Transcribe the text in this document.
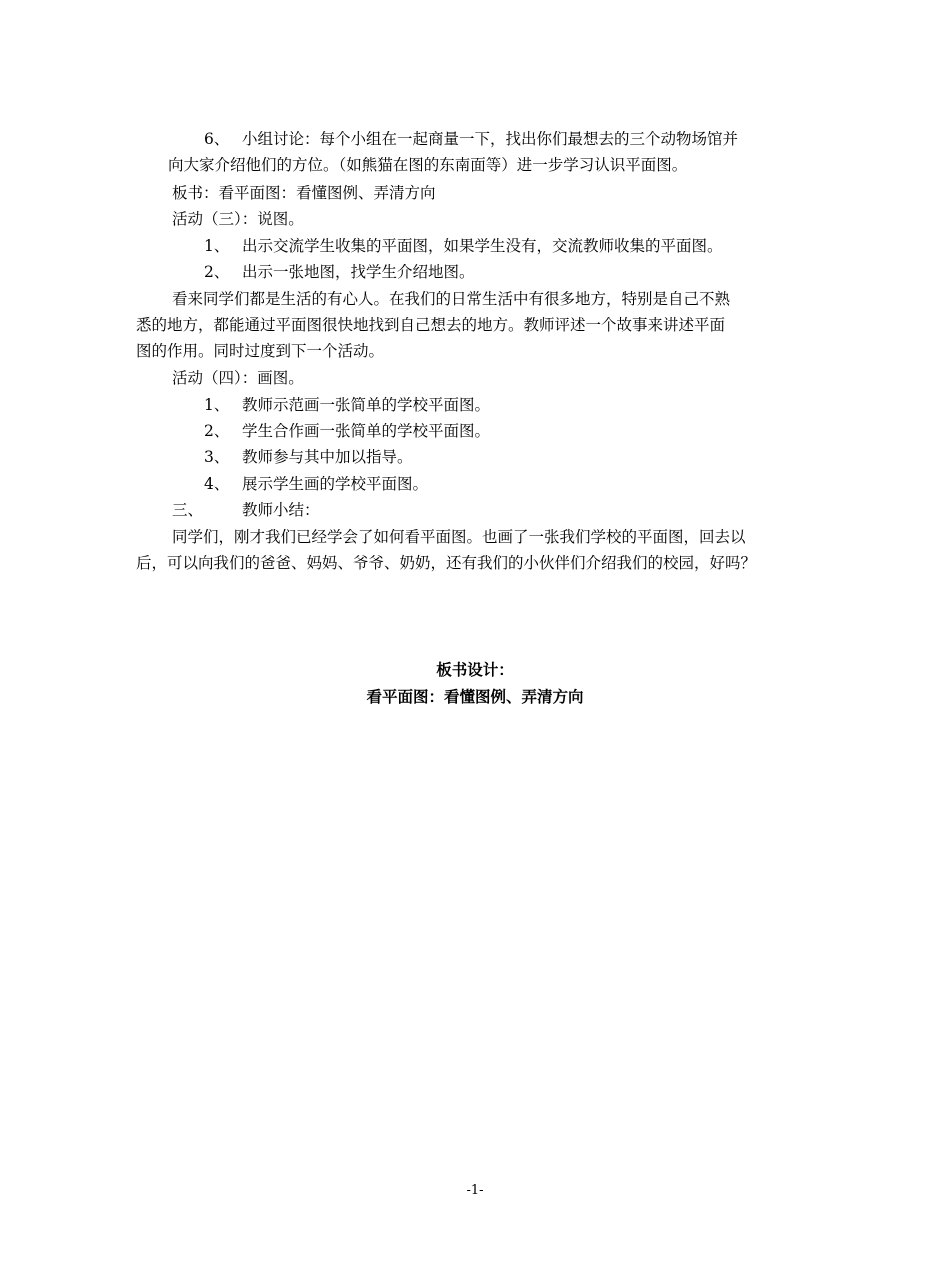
6、 小组讨论：每个小组在一起商量一下，找出你们最想去的三个动物场馆并
向大家介绍他们的方位。（如熊猫在图的东南面等）进一步学习认识平面图。
板书：看平面图：看懂图例、弄清方向
活动（三）：说图。
1、 出示交流学生收集的平面图，如果学生没有，交流教师收集的平面图。
2、 出示一张地图，找学生介绍地图。
看来同学们都是生活的有心人。在我们的日常生活中有很多地方，特别是自己不熟
悉的地方，都能通过平面图很快地找到自己想去的地方。教师评述一个故事来讲述平面
图的作用。同时过度到下一个活动。
活动（四）：画图。
1、 教师示范画一张简单的学校平面图。
2、 学生合作画一张简单的学校平面图。
3、 教师参与其中加以指导。
4、 展示学生画的学校平面图。
三、	教师小结：
同学们，刚才我们已经学会了如何看平面图。也画了一张我们学校的平面图，回去以
后，可以向我们的爸爸、妈妈、爷爷、奶奶，还有我们的小伙伴们介绍我们的校园，好吗？
板书设计：
看平面图：看懂图例、弄清方向
-1-
